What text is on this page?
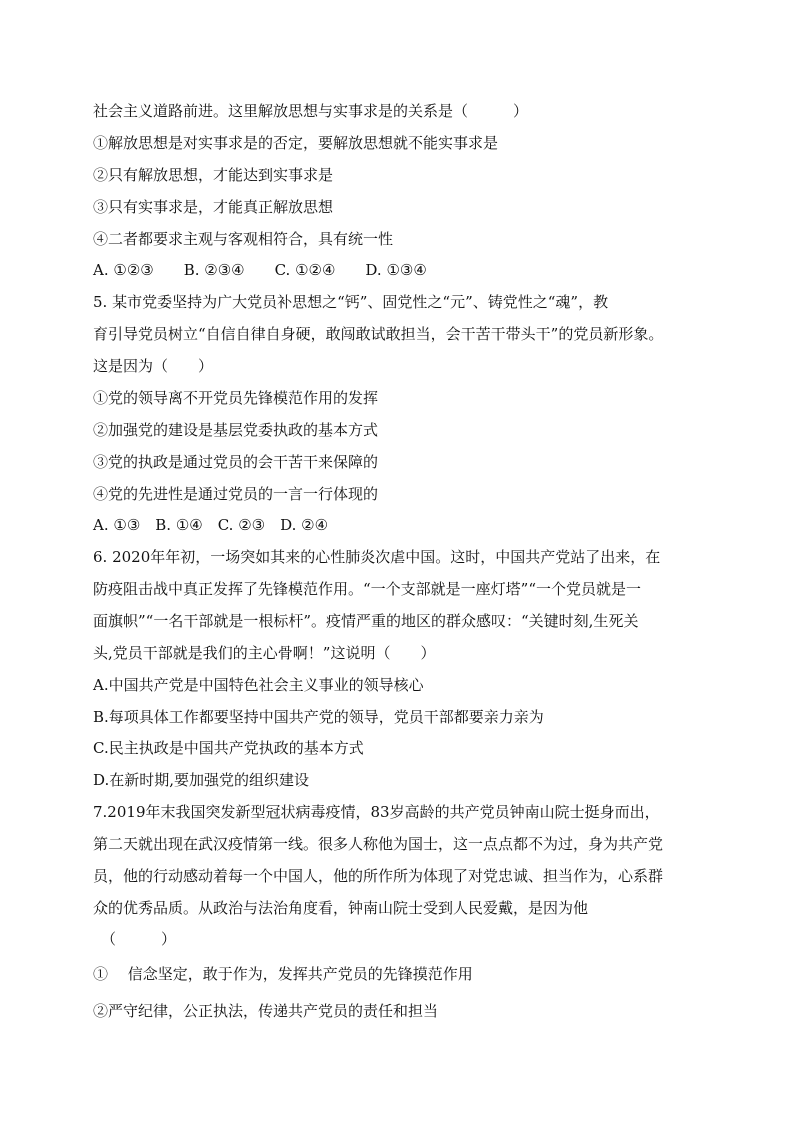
社会主义道路前进。这里解放思想与实事求是的关系是（　　　）
①解放思想是对实事求是的否定，要解放思想就不能实事求是
②只有解放思想，才能达到实事求是
③只有实事求是，才能真正解放思想
④二者都要求主观与客观相符合，具有统一性
A. ①②③　　B. ②③④　　C. ①②④　　D. ①③④
5. 某市党委坚持为广大党员补思想之“钙”、固党性之“元”、铸党性之“魂”，教
育引导党员树立“自信自律自身硬，敢闯敢试敢担当，会干苦干带头干”的党员新形象。
这是因为（　　）
①党的领导离不开党员先锋模范作用的发挥
②加强党的建设是基层党委执政的基本方式
③党的执政是通过党员的会干苦干来保障的
④党的先进性是通过党员的一言一行体现的
A. ①③　B. ①④　C. ②③　D. ②④
6. 2020年年初，一场突如其来的心性肺炎次虐中国。这时，中国共产党站了出来，在
防疫阻击战中真正发挥了先锋模范作用。“一个支部就是一座灯塔”“一个党员就是一
面旗帜”“一名干部就是一根标杆”。疫情严重的地区的群众感叹：“关键时刻,生死关
头,党员干部就是我们的主心骨啊！”这说明（　　）
A.中国共产党是中国特色社会主义事业的领导核心
B.每项具体工作都要坚持中国共产党的领导，党员干部都要亲力亲为
C.民主执政是中国共产党执政的基本方式
D.在新时期,要加强党的组织建设
7.2019年末我国突发新型冠状病毒疫情，83岁高龄的共产党员钟南山院士挺身而出，
第二天就出现在武汉疫情第一线。很多人称他为国士，这一点点都不为过，身为共产党
员，他的行动感动着每一个中国人，他的所作所为体现了对党忠诚、担当作为，心系群
众的优秀品质。从政治与法治角度看，钟南山院士受到人民爱戴，是因为他
（　　　）
①　 信念坚定，敢于作为，发挥共产党员的先锋摸范作用
②严守纪律，公正执法，传递共产党员的责任和担当
